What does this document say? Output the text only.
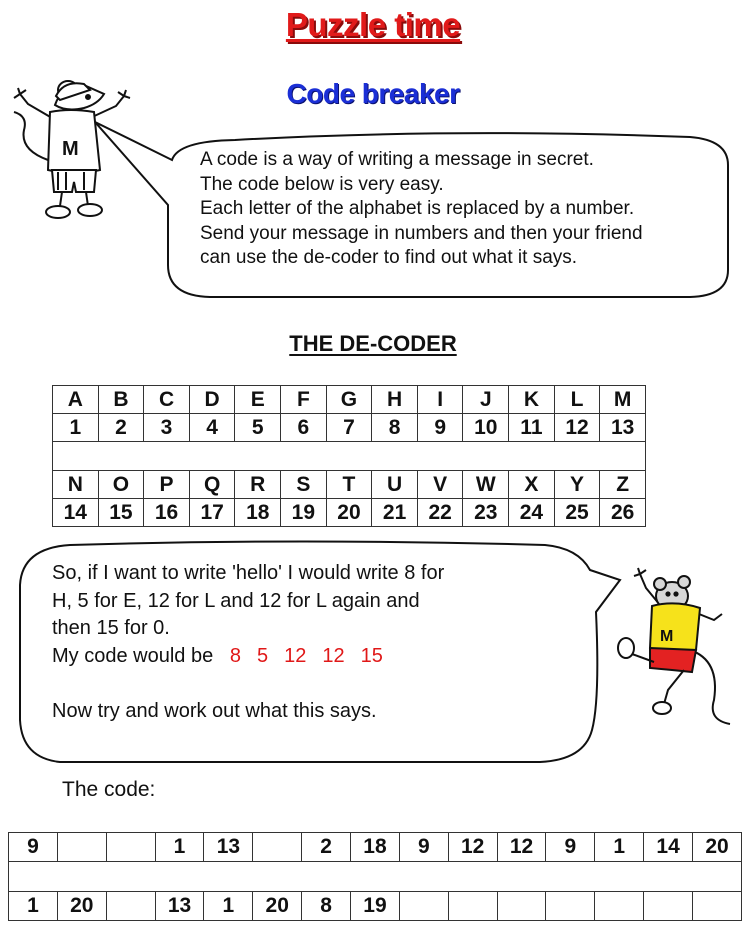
Puzzle time
Code breaker
M
M
A code is a way of writing a message in secret.
The code below is very easy.
Each letter of the alphabet is replaced by a number.
Send your message in numbers and then your friend
can use the de-coder to find out what it says.
THE DE-CODER
A	B	C	D	E	F	G	H	I	J	K	L	M
1	2	3	4	5	6	7	8	9	10	11	12	13

N	O	P	Q	R	S	T	U	V	W	X	Y	Z
14	15	16	17	18	19	20	21	22	23	24	25	26
So, if I want to write 'hello' I would write 8 for
H, 5 for E, 12 for L and 12 for L again and
then 15 for 0.
My code would be 8 5 12 12 15
Now try and work out what this says.
The code:
9			1	13		2	18	9	12	12	9	1	14	20

1	20		13	1	20	8	19							
